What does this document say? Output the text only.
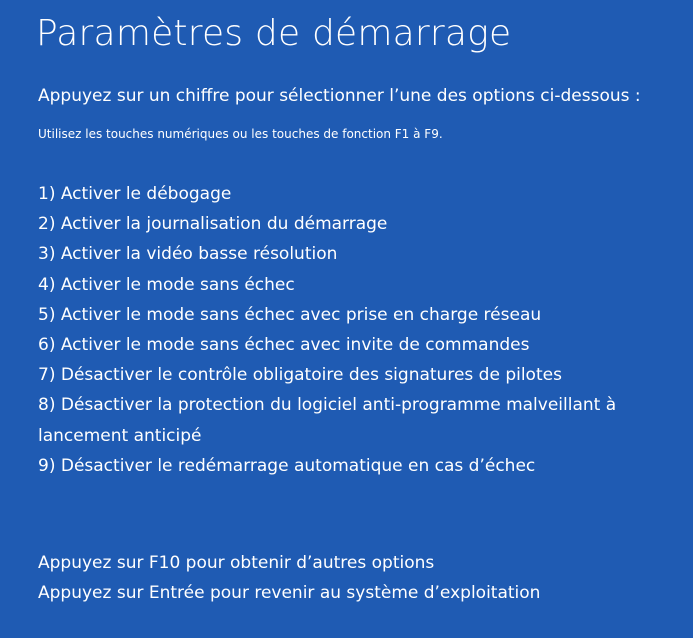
Paramètres de démarrage
Appuyez sur un chiffre pour sélectionner l’une des options ci-dessous :
Utilisez les touches numériques ou les touches de fonction F1 à F9.
1) Activer le débogage
2) Activer la journalisation du démarrage
3) Activer la vidéo basse résolution
4) Activer le mode sans échec
5) Activer le mode sans échec avec prise en charge réseau
6) Activer le mode sans échec avec invite de commandes
7) Désactiver le contrôle obligatoire des signatures de pilotes
8) Désactiver la protection du logiciel anti-programme malveillant à lancement anticipé
9) Désactiver le redémarrage automatique en cas d’échec
Appuyez sur F10 pour obtenir d’autres options
Appuyez sur Entrée pour revenir au système d’exploitation
